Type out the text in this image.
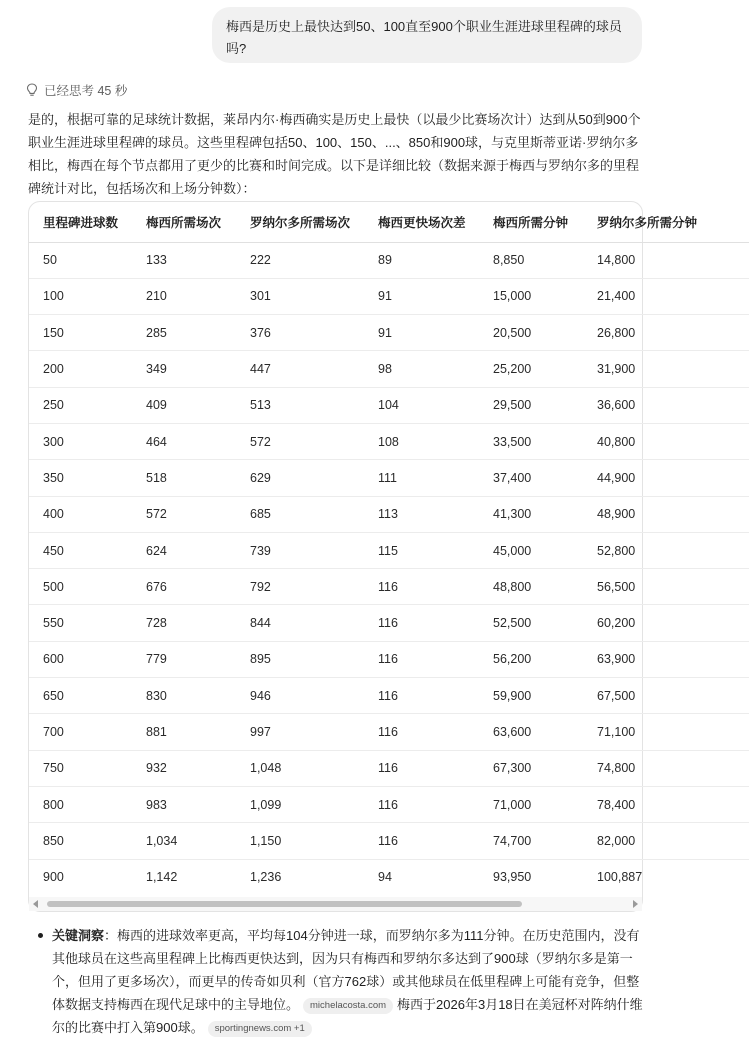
梅西是历史上最快达到50、100直至900个职业生涯进球里程碑的球员吗?
已经思考 45 秒

是的，根据可靠的足球统计数据，莱昂内尔·梅西确实是历史上最快（以最少比赛场次计）达到从50到900个职业生涯进球里程碑的球员。这些里程碑包括50、100、150、...、850和900球，与克里斯蒂亚诺·罗纳尔多相比，梅西在每个节点都用了更少的比赛和时间完成。以下是详细比较（数据来源于梅西与罗纳尔多的里程碑统计对比，包括场次和上场分钟数）：

里程碑进球数	梅西所需场次	罗纳尔多所需场次	梅西更快场次差	梅西所需分钟	罗纳尔多所需分钟
50	133	222	89	8,850	14,800
100	210	301	91	15,000	21,400
150	285	376	91	20,500	26,800
200	349	447	98	25,200	31,900
250	409	513	104	29,500	36,600
300	464	572	108	33,500	40,800
350	518	629	111	37,400	44,900
400	572	685	113	41,300	48,900
450	624	739	115	45,000	52,800
500	676	792	116	48,800	56,500
550	728	844	116	52,500	60,200
600	779	895	116	56,200	63,900
650	830	946	116	59,900	67,500
700	881	997	116	63,600	71,100
750	932	1,048	116	67,300	74,800
800	983	1,099	116	71,000	78,400
850	1,034	1,150	116	74,700	82,000
900	1,142	1,236	94	93,950	100,887
关键洞察：梅西的进球效率更高，平均每104分钟进一球，而罗纳尔多为111分钟。在历史范围内，没有其他球员在这些高里程碑上比梅西更快达到，因为只有梅西和罗纳尔多达到了900球（罗纳尔多是第一个，但用了更多场次），而更早的传奇如贝利（官方762球）或其他球员在低里程碑上可能有竞争，但整体数据支持梅西在现代足球中的主导地位。 michelacosta.com 梅西于2026年3月18日在美冠杯对阵纳什维尔的比赛中打入第900球。 sportingnews.com +1
